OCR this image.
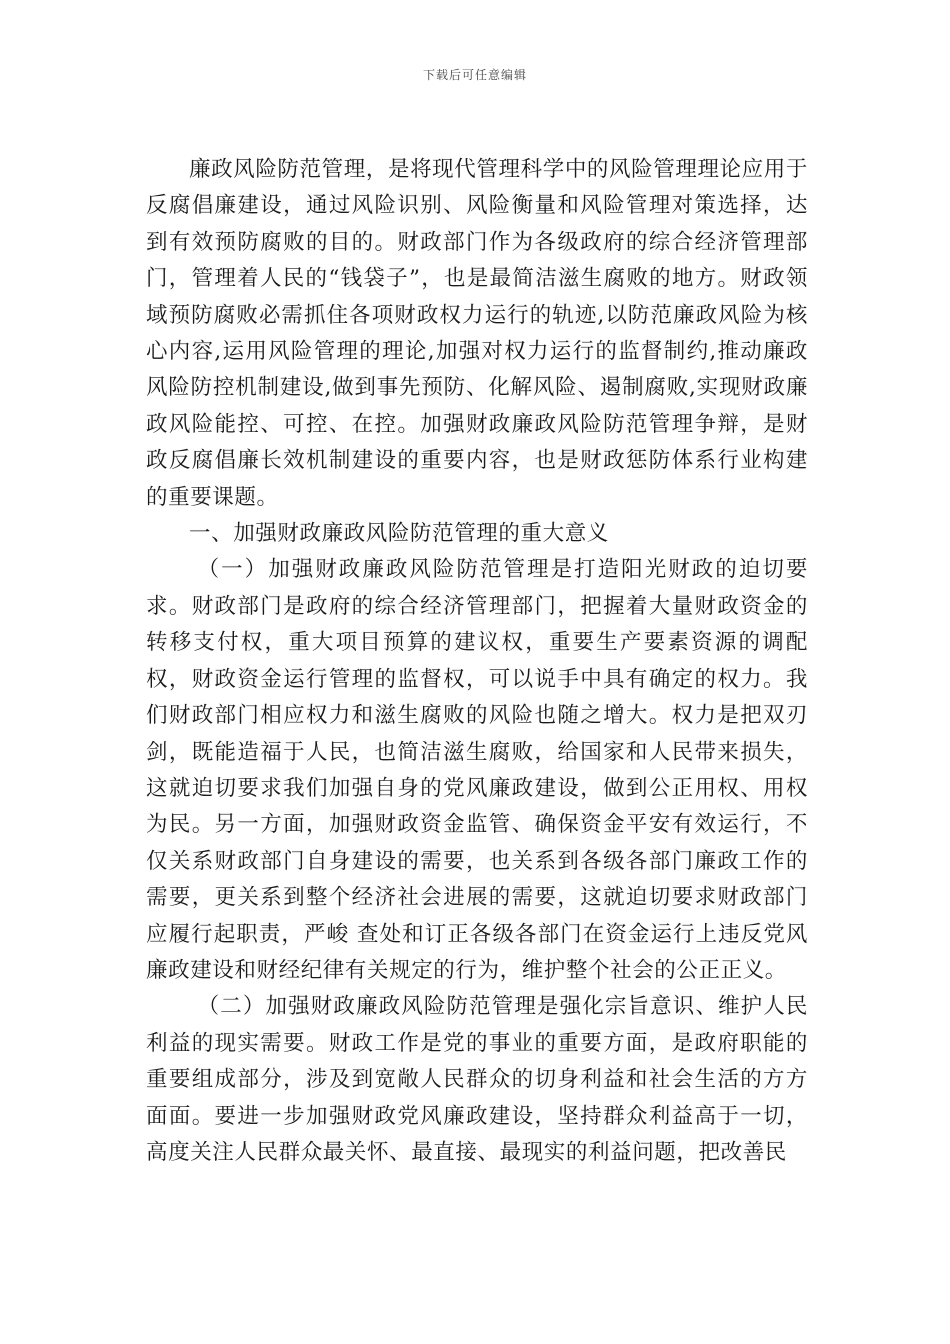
下载后可任意编辑

廉政风险防范管理，是将现代管理科学中的风险管理理论应用于反腐倡廉建设，通过风险识别、风险衡量和风险管理对策选择，达到有效预防腐败的目的。财政部门作为各级政府的综合经济管理部门，管理着人民的“钱袋子”，也是最简洁滋生腐败的地方。财政领域预防腐败必需抓住各项财政权力运行的轨迹,以防范廉政风险为核心内容,运用风险管理的理论,加强对权力运行的监督制约,推动廉政风险防控机制建设,做到事先预防、化解风险、遏制腐败,实现财政廉政风险能控、可控、在控。加强财政廉政风险防范管理争辩，是财政反腐倡廉长效机制建设的重要内容，也是财政惩防体系行业构建的重要课题。

一、加强财政廉政风险防范管理的重大意义

（一）加强财政廉政风险防范管理是打造阳光财政的迫切要求。财政部门是政府的综合经济管理部门，把握着大量财政资金的转移支付权，重大项目预算的建议权，重要生产要素资源的调配权，财政资金运行管理的监督权，可以说手中具有确定的权力。我们财政部门相应权力和滋生腐败的风险也随之增大。权力是把双刃剑，既能造福于人民，也简洁滋生腐败，给国家和人民带来损失，这就迫切要求我们加强自身的党风廉政建设，做到公正用权、用权为民。另一方面，加强财政资金监管、确保资金平安有效运行，不仅关系财政部门自身建设的需要，也关系到各级各部门廉政工作的需要，更关系到整个经济社会进展的需要，这就迫切要求财政部门应履行起职责，严峻 查处和订正各级各部门在资金运行上违反党风廉政建设和财经纪律有关规定的行为，维护整个社会的公正正义。

（二）加强财政廉政风险防范管理是强化宗旨意识、维护人民利益的现实需要。财政工作是党的事业的重要方面，是政府职能的重要组成部分，涉及到宽敞人民群众的切身利益和社会生活的方方面面。要进一步加强财政党风廉政建设，坚持群众利益高于一切，高度关注人民群众最关怀、最直接、最现实的利益问题，把改善民
